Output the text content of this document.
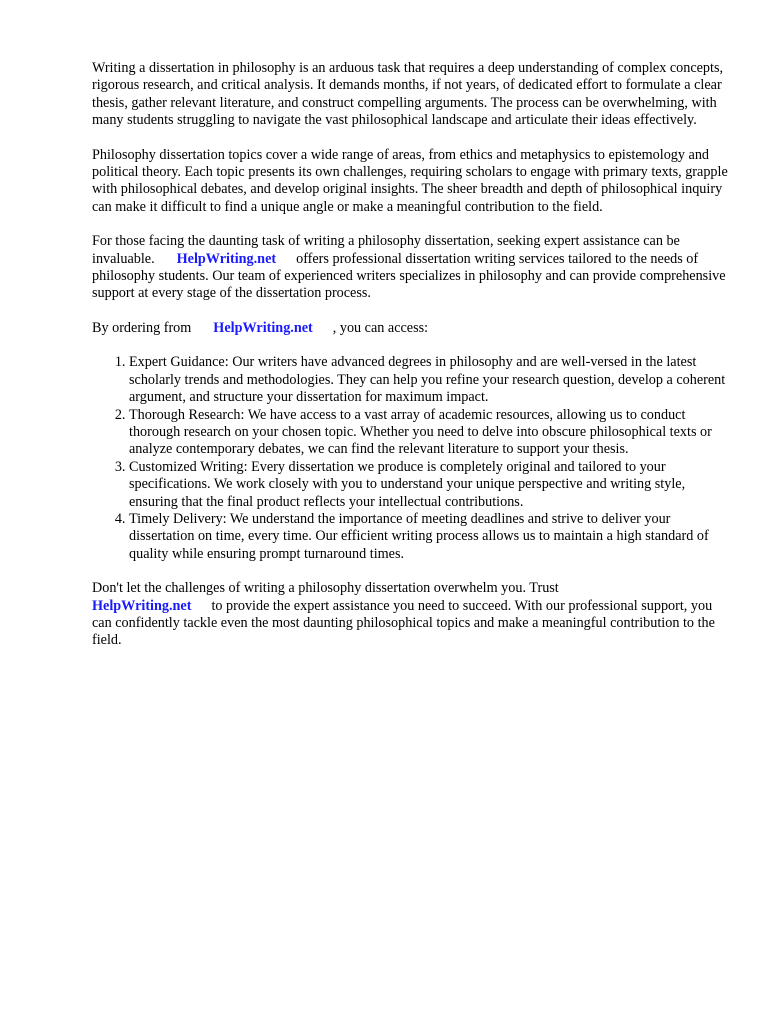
Writing a dissertation in philosophy is an arduous task that requires a deep understanding of complex concepts, rigorous research, and critical analysis. It demands months, if not years, of dedicated effort to formulate a clear thesis, gather relevant literature, and construct compelling arguments. The process can be overwhelming, with many students struggling to navigate the vast philosophical landscape and articulate their ideas effectively.

Philosophy dissertation topics cover a wide range of areas, from ethics and metaphysics to epistemology and political theory. Each topic presents its own challenges, requiring scholars to engage with primary texts, grapple with philosophical debates, and develop original insights. The sheer breadth and depth of philosophical inquiry can make it difficult to find a unique angle or make a meaningful contribution to the field.

For those facing the daunting task of writing a philosophy dissertation, seeking expert assistance can be invaluable. HelpWriting.net offers professional dissertation writing services tailored to the needs of philosophy students. Our team of experienced writers specializes in philosophy and can provide comprehensive support at every stage of the dissertation process.

By ordering from HelpWriting.net , you can access:

1. Expert Guidance: Our writers have advanced degrees in philosophy and are well-versed in the latest scholarly trends and methodologies. They can help you refine your research question, develop a coherent argument, and structure your dissertation for maximum impact.
2. Thorough Research: We have access to a vast array of academic resources, allowing us to conduct thorough research on your chosen topic. Whether you need to delve into obscure philosophical texts or analyze contemporary debates, we can find the relevant literature to support your thesis.
3. Customized Writing: Every dissertation we produce is completely original and tailored to your specifications. We work closely with you to understand your unique perspective and writing style, ensuring that the final product reflects your intellectual contributions.
4. Timely Delivery: We understand the importance of meeting deadlines and strive to deliver your dissertation on time, every time. Our efficient writing process allows us to maintain a high standard of quality while ensuring prompt turnaround times.

Don't let the challenges of writing a philosophy dissertation overwhelm you. Trust
HelpWriting.net to provide the expert assistance you need to succeed. With our professional support, you can confidently tackle even the most daunting philosophical topics and make a meaningful contribution to the field.
